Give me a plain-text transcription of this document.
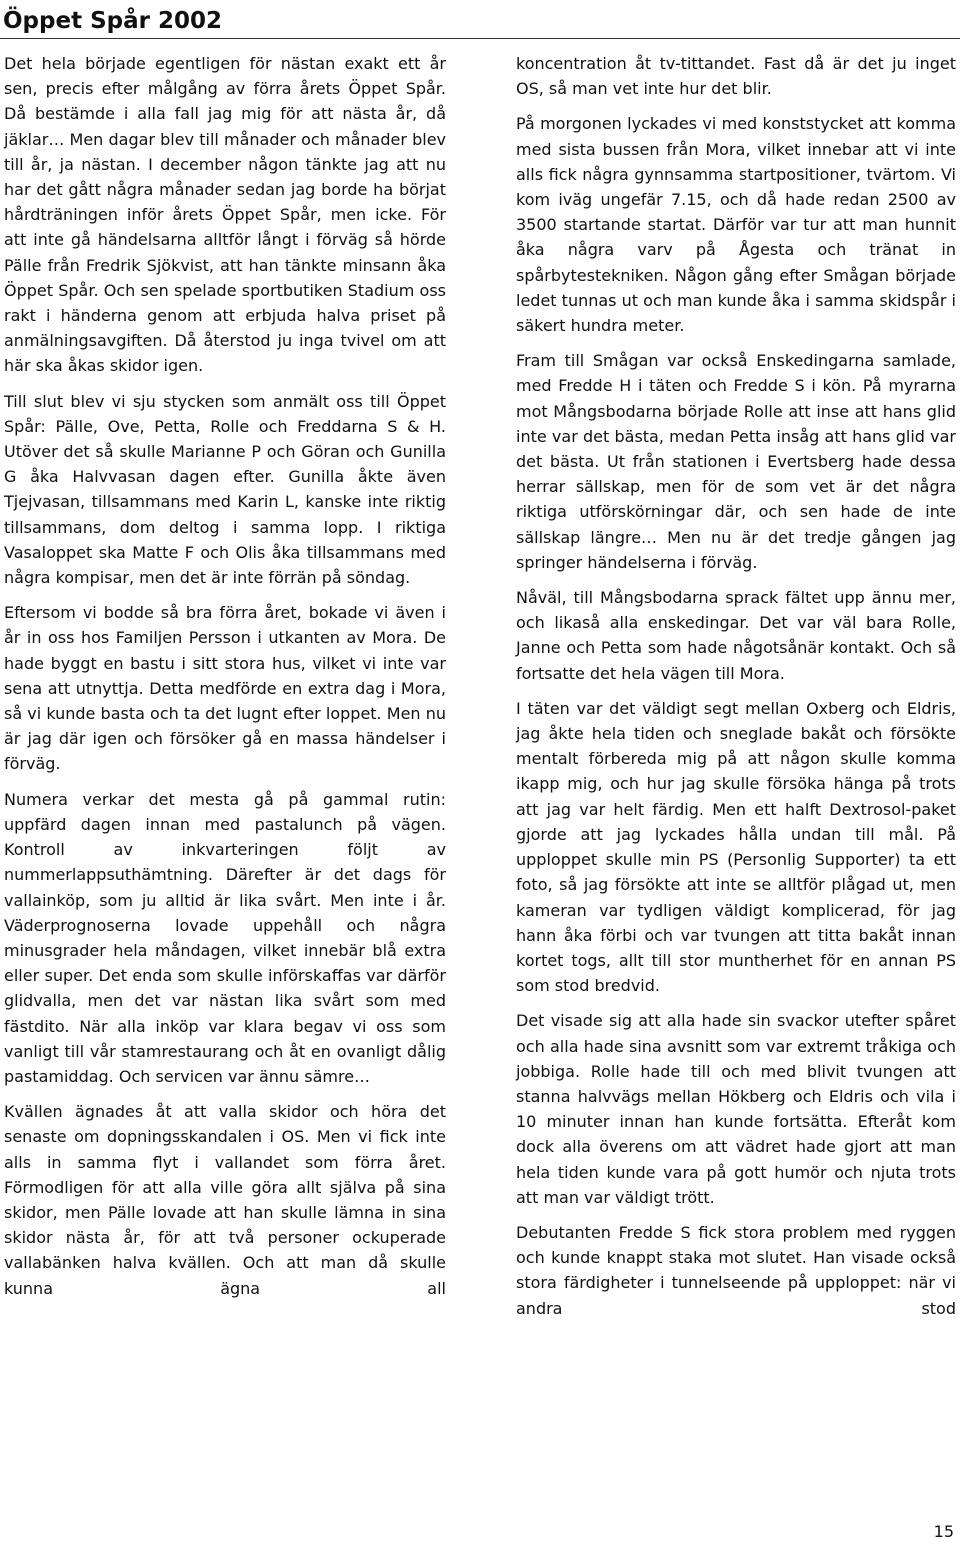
Öppet Spår 2002

Det hela började egentligen för nästan exakt ett år sen, precis efter målgång av förra årets Öppet Spår. Då bestämde i alla fall jag mig för att nästa år, då jäklar… Men dagar blev till månader och månader blev till år, ja nästan. I december någon tänkte jag att nu har det gått några månader sedan jag borde ha börjat hårdträningen inför årets Öppet Spår, men icke. För att inte gå händelsarna alltför långt i förväg så hörde Pälle från Fredrik Sjökvist, att han tänkte minsann åka Öppet Spår. Och sen spelade sportbutiken Stadium oss rakt i händerna genom att erbjuda halva priset på anmälningsavgiften. Då återstod ju inga tvivel om att här ska åkas skidor igen.

Till slut blev vi sju stycken som anmält oss till Öppet Spår: Pälle, Ove, Petta, Rolle och Freddarna S & H. Utöver det så skulle Marianne P och Göran och Gunilla G åka Halvvasan dagen efter. Gunilla åkte även Tjejvasan, tillsammans med Karin L, kanske inte riktig tillsammans, dom deltog i samma lopp. I riktiga Vasaloppet ska Matte F och Olis åka tillsammans med några kompisar, men det är inte förrän på söndag.

Eftersom vi bodde så bra förra året, bokade vi även i år in oss hos Familjen Persson i utkanten av Mora. De hade byggt en bastu i sitt stora hus, vilket vi inte var sena att utnyttja. Detta medförde en extra dag i Mora, så vi kunde basta och ta det lugnt efter loppet. Men nu är jag där igen och försöker gå en massa händelser i förväg.

Numera verkar det mesta gå på gammal rutin: uppfärd dagen innan med pastalunch på vägen. Kontroll av inkvarteringen följt av nummerlappsuthämtning. Därefter är det dags för vallainköp, som ju alltid är lika svårt. Men inte i år. Väderprognoserna lovade uppehåll och några minusgrader hela måndagen, vilket innebär blå extra eller super. Det enda som skulle införskaffas var därför glidvalla, men det var nästan lika svårt som med fästdito. När alla inköp var klara begav vi oss som vanligt till vår stamrestaurang och åt en ovanligt dålig pastamiddag. Och servicen var ännu sämre…

Kvällen ägnades åt att valla skidor och höra det senaste om dopningsskandalen i OS. Men vi fick inte alls in samma flyt i vallandet som förra året. Förmodligen för att alla ville göra allt själva på sina skidor, men Pälle lovade att han skulle lämna in sina skidor nästa år, för att två personer ockuperade vallabänken halva kvällen. Och att man då skulle kunna ägna all

koncentration åt tv-tittandet. Fast då är det ju inget OS, så man vet inte hur det blir.

På morgonen lyckades vi med konststycket att komma med sista bussen från Mora, vilket innebar att vi inte alls fick några gynnsamma startpositioner, tvärtom. Vi kom iväg ungefär 7.15, och då hade redan 2500 av 3500 startande startat. Därför var tur att man hunnit åka några varv på Ågesta och tränat in spårbytestekniken. Någon gång efter Smågan började ledet tunnas ut och man kunde åka i samma skidspår i säkert hundra meter.

Fram till Smågan var också Enskedingarna samlade, med Fredde H i täten och Fredde S i kön. På myrarna mot Mångsbodarna började Rolle att inse att hans glid inte var det bästa, medan Petta insåg att hans glid var det bästa. Ut från stationen i Evertsberg hade dessa herrar sällskap, men för de som vet är det några riktiga utförskörningar där, och sen hade de inte sällskap längre… Men nu är det tredje gången jag springer händelserna i förväg.

Nåväl, till Mångsbodarna sprack fältet upp ännu mer, och likaså alla enskedingar. Det var väl bara Rolle, Janne och Petta som hade någotsånär kontakt. Och så fortsatte det hela vägen till Mora.

I täten var det väldigt segt mellan Oxberg och Eldris, jag åkte hela tiden och sneglade bakåt och försökte mentalt förbereda mig på att någon skulle komma ikapp mig, och hur jag skulle försöka hänga på trots att jag var helt färdig. Men ett halft Dextrosol-paket gjorde att jag lyckades hålla undan till mål. På upploppet skulle min PS (Personlig Supporter) ta ett foto, så jag försökte att inte se alltför plågad ut, men kameran var tydligen väldigt komplicerad, för jag hann åka förbi och var tvungen att titta bakåt innan kortet togs, allt till stor muntherhet för en annan PS som stod bredvid.

Det visade sig att alla hade sin svackor utefter spåret och alla hade sina avsnitt som var extremt tråkiga och jobbiga. Rolle hade till och med blivit tvungen att stanna halvvägs mellan Hökberg och Eldris och vila i 10 minuter innan han kunde fortsätta. Efteråt kom dock alla överens om att vädret hade gjort att man hela tiden kunde vara på gott humör och njuta trots att man var väldigt trött.

Debutanten Fredde S fick stora problem med ryggen och kunde knappt staka mot slutet. Han visade också stora färdigheter i tunnelseende på upploppet: när vi andra stod

15
